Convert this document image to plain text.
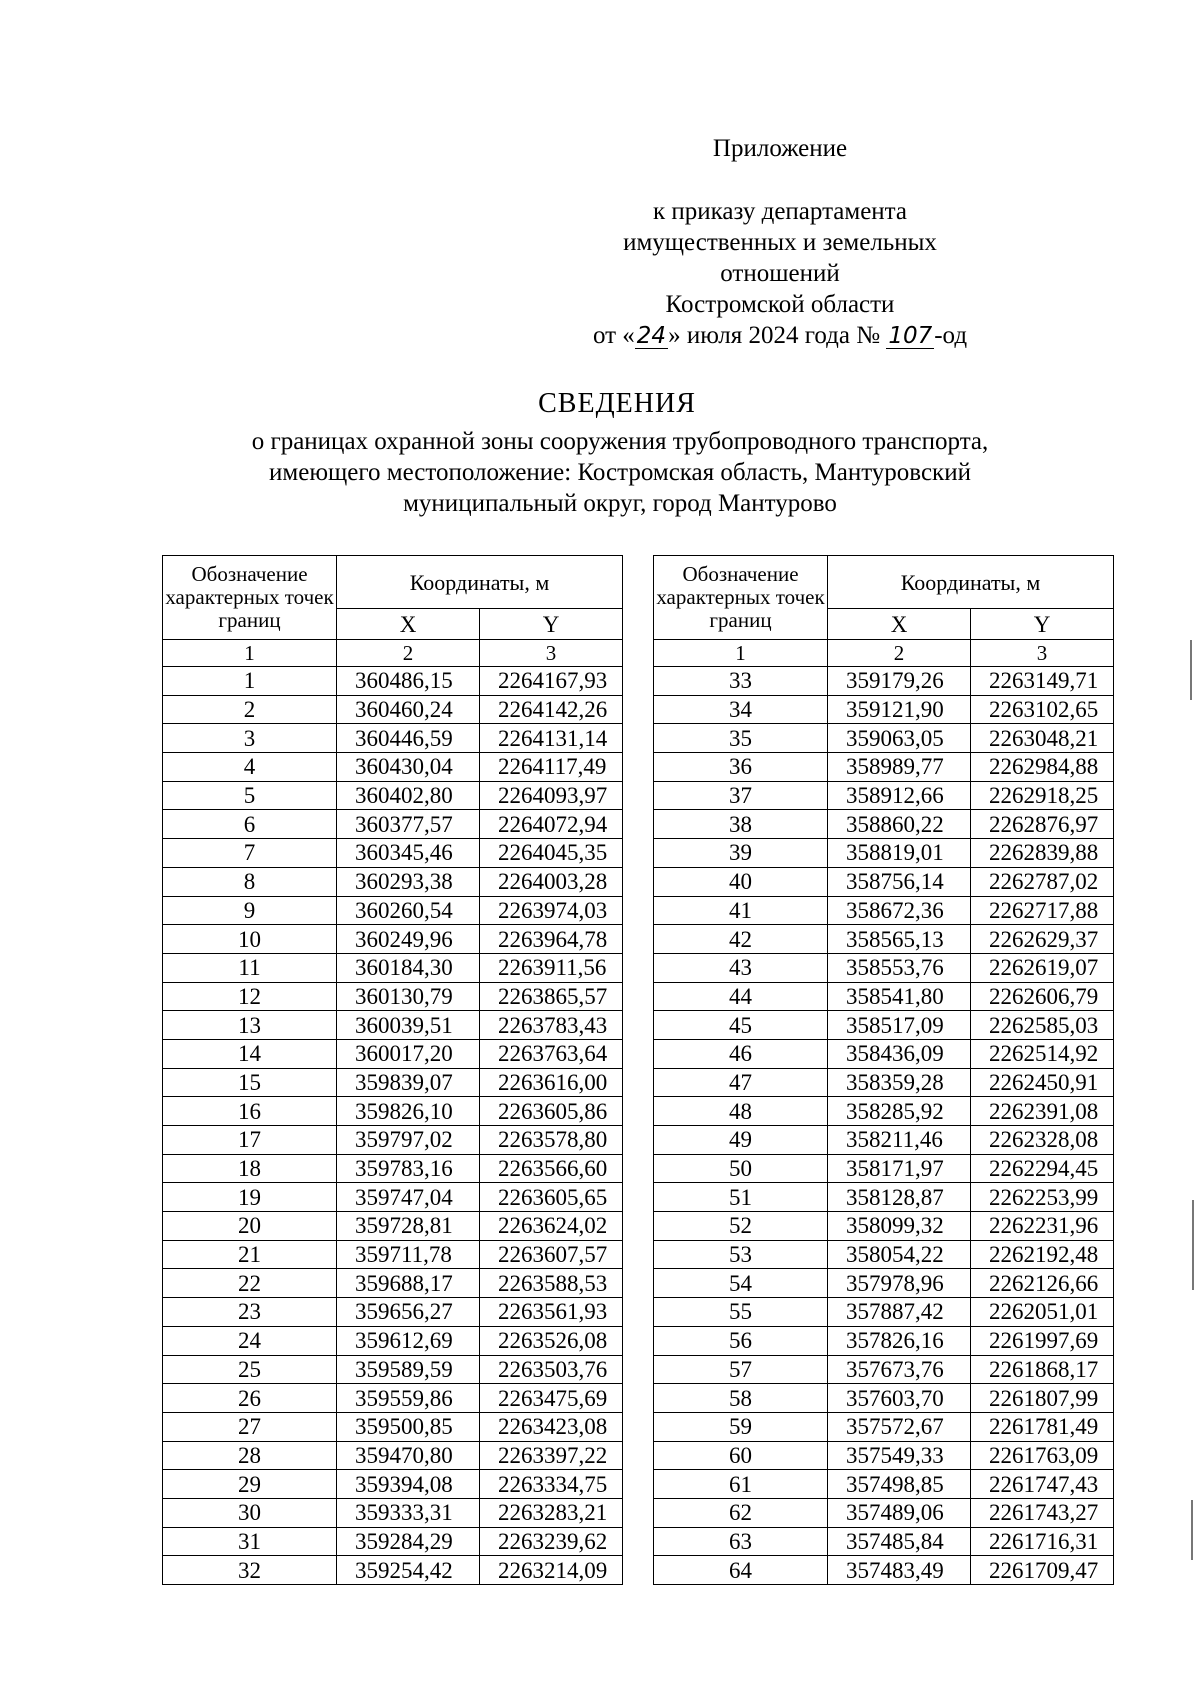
Приложение
к приказу департамента
имущественных и земельных
отношений
Костромской области
от «24» июля 2024 года № 107-од
СВЕДЕНИЯ
о границах охранной зоны сооружения трубопроводного транспорта,
имеющего местоположение: Костромская область, Мантуровский
муниципальный округ, город Мантурово
Обозначение характерных точек границ	Координаты, м	
	X	Y
1	2	3
1	360486,15	2264167,93
2	360460,24	2264142,26
3	360446,59	2264131,14
4	360430,04	2264117,49
5	360402,80	2264093,97
6	360377,57	2264072,94
7	360345,46	2264045,35
8	360293,38	2264003,28
9	360260,54	2263974,03
10	360249,96	2263964,78
11	360184,30	2263911,56
12	360130,79	2263865,57
13	360039,51	2263783,43
14	360017,20	2263763,64
15	359839,07	2263616,00
16	359826,10	2263605,86
17	359797,02	2263578,80
18	359783,16	2263566,60
19	359747,04	2263605,65
20	359728,81	2263624,02
21	359711,78	2263607,57
22	359688,17	2263588,53
23	359656,27	2263561,93
24	359612,69	2263526,08
25	359589,59	2263503,76
26	359559,86	2263475,69
27	359500,85	2263423,08
28	359470,80	2263397,22
29	359394,08	2263334,75
30	359333,31	2263283,21
31	359284,29	2263239,62
32	359254,42	2263214,09
Обозначение характерных точек границ	Координаты, м	
	X	Y
1	2	3
33	359179,26	2263149,71
34	359121,90	2263102,65
35	359063,05	2263048,21
36	358989,77	2262984,88
37	358912,66	2262918,25
38	358860,22	2262876,97
39	358819,01	2262839,88
40	358756,14	2262787,02
41	358672,36	2262717,88
42	358565,13	2262629,37
43	358553,76	2262619,07
44	358541,80	2262606,79
45	358517,09	2262585,03
46	358436,09	2262514,92
47	358359,28	2262450,91
48	358285,92	2262391,08
49	358211,46	2262328,08
50	358171,97	2262294,45
51	358128,87	2262253,99
52	358099,32	2262231,96
53	358054,22	2262192,48
54	357978,96	2262126,66
55	357887,42	2262051,01
56	357826,16	2261997,69
57	357673,76	2261868,17
58	357603,70	2261807,99
59	357572,67	2261781,49
60	357549,33	2261763,09
61	357498,85	2261747,43
62	357489,06	2261743,27
63	357485,84	2261716,31
64	357483,49	2261709,47
